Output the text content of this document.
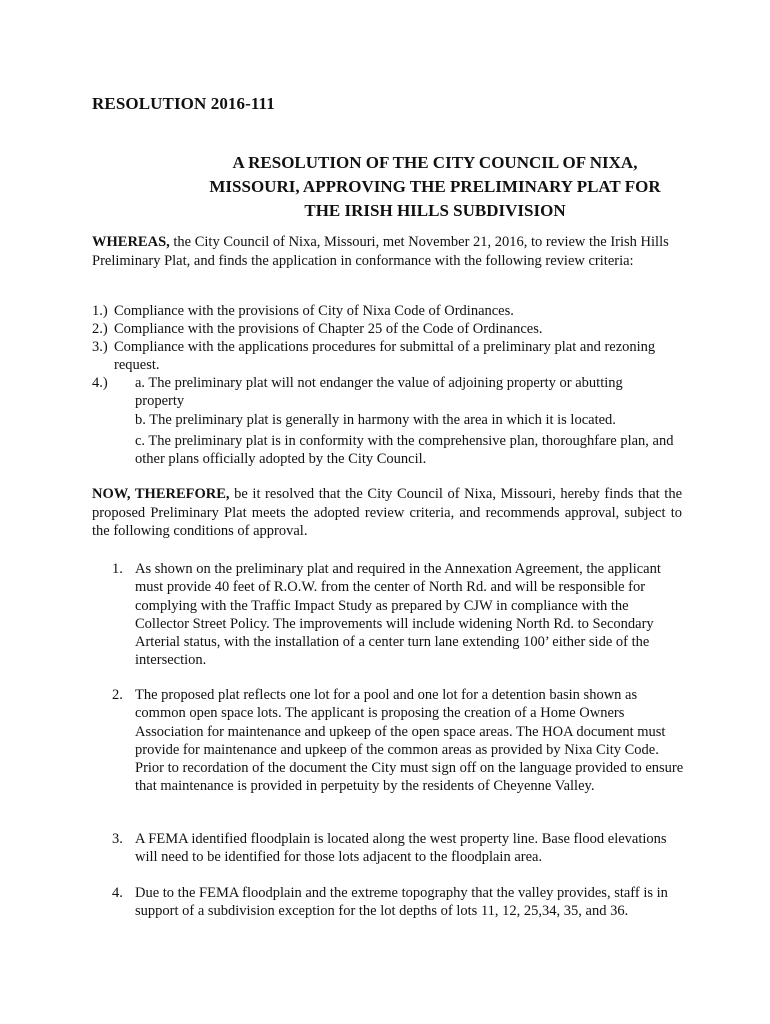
RESOLUTION 2016-111
A RESOLUTION OF THE CITY COUNCIL OF NIXA,
MISSOURI, APPROVING THE PRELIMINARY PLAT FOR
THE IRISH HILLS SUBDIVISION
WHEREAS, the City Council of Nixa, Missouri, met November 21, 2016, to review the Irish Hills Preliminary Plat, and finds the application in conformance with the following review criteria:
1.) Compliance with the provisions of City of Nixa Code of Ordinances.
2.) Compliance with the provisions of Chapter 25 of the Code of Ordinances.
3.) Compliance with the applications procedures for submittal of a preliminary plat and rezoning request.
4.) a. The preliminary plat will not endanger the value of adjoining property or abutting property
b. The preliminary plat is generally in harmony with the area in which it is located.
c. The preliminary plat is in conformity with the comprehensive plan, thoroughfare plan, and other plans officially adopted by the City Council.
NOW, THEREFORE, be it resolved that the City Council of Nixa, Missouri, hereby finds that the proposed Preliminary Plat meets the adopted review criteria, and recommends approval, subject to the following conditions of approval.
1. As shown on the preliminary plat and required in the Annexation Agreement, the applicant must provide 40 feet of R.O.W. from the center of North Rd. and will be responsible for complying with the Traffic Impact Study as prepared by CJW in compliance with the Collector Street Policy. The improvements will include widening North Rd. to Secondary Arterial status, with the installation of a center turn lane extending 100’ either side of the intersection.
2. The proposed plat reflects one lot for a pool and one lot for a detention basin shown as common open space lots. The applicant is proposing the creation of a Home Owners Association for maintenance and upkeep of the open space areas. The HOA document must provide for maintenance and upkeep of the common areas as provided by Nixa City Code. Prior to recordation of the document the City must sign off on the language provided to ensure that maintenance is provided in perpetuity by the residents of Cheyenne Valley.
3. A FEMA identified floodplain is located along the west property line. Base flood elevations will need to be identified for those lots adjacent to the floodplain area.
4. Due to the FEMA floodplain and the extreme topography that the valley provides, staff is in support of a subdivision exception for the lot depths of lots 11, 12, 25,34, 35, and 36.
